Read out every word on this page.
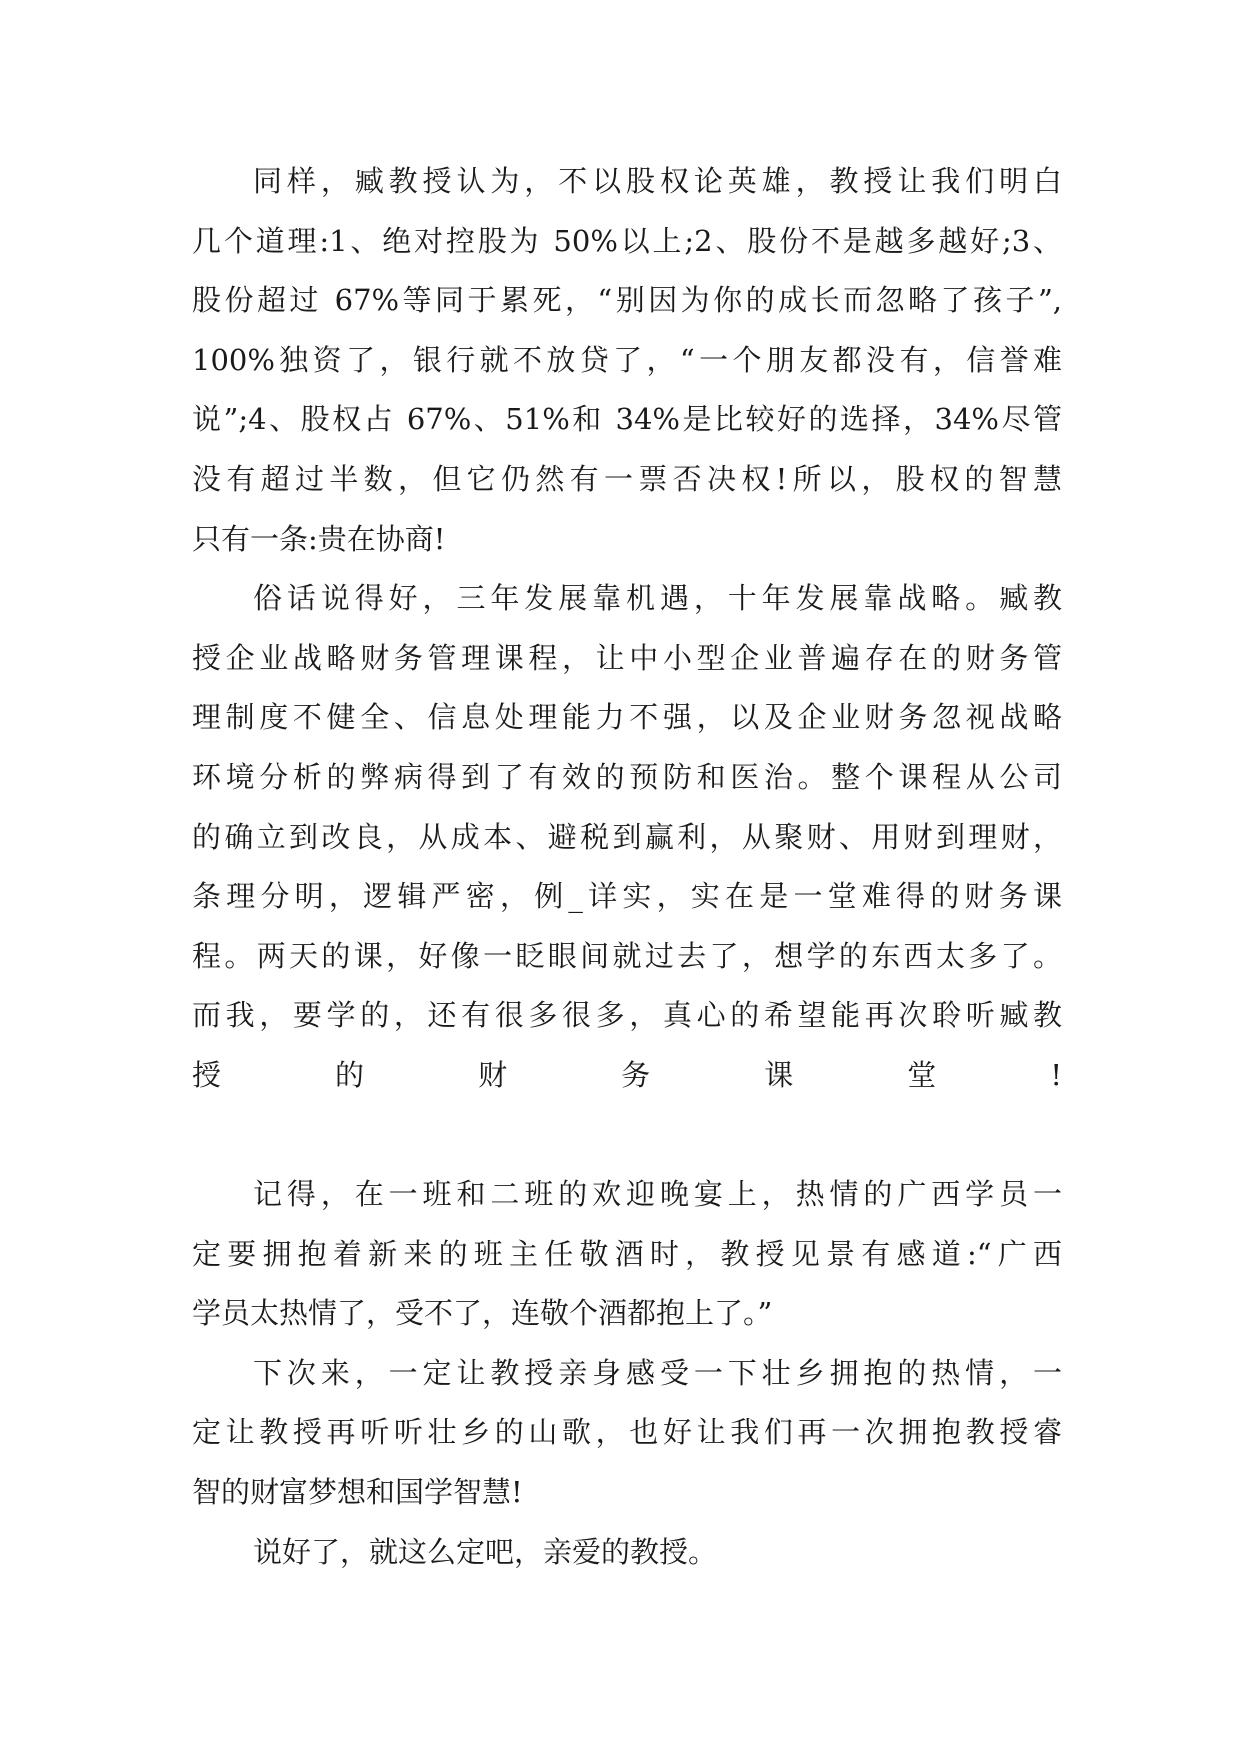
同样，臧教授认为，不以股权论英雄，教授让我们明白
几个道理:1、绝对控股为 50%以上;2、股份不是越多越好;3、
股份超过 67%等同于累死，“别因为你的成长而忽略了孩子”,
100%独资了，银行就不放贷了，“一个朋友都没有，信誉难
说”;4、股权占 67%、51%和 34%是比较好的选择，34%尽管
没有超过半数，但它仍然有一票否决权!所以，股权的智慧
只有一条:贵在协商!
俗话说得好，三年发展靠机遇，十年发展靠战略。臧教
授企业战略财务管理课程，让中小型企业普遍存在的财务管
理制度不健全、信息处理能力不强，以及企业财务忽视战略
环境分析的弊病得到了有效的预防和医治。整个课程从公司
的确立到改良，从成本、避税到赢利，从聚财、用财到理财，
条理分明，逻辑严密，例_详实，实在是一堂难得的财务课
程。两天的课，好像一眨眼间就过去了，想学的东西太多了。
而我，要学的，还有很多很多，真心的希望能再次聆听臧教
授的财务课堂!
记得，在一班和二班的欢迎晚宴上，热情的广西学员一
定要拥抱着新来的班主任敬酒时，教授见景有感道:“广西
学员太热情了，受不了，连敬个酒都抱上了。”
下次来，一定让教授亲身感受一下壮乡拥抱的热情，一
定让教授再听听壮乡的山歌，也好让我们再一次拥抱教授睿
智的财富梦想和国学智慧!
说好了，就这么定吧，亲爱的教授。
